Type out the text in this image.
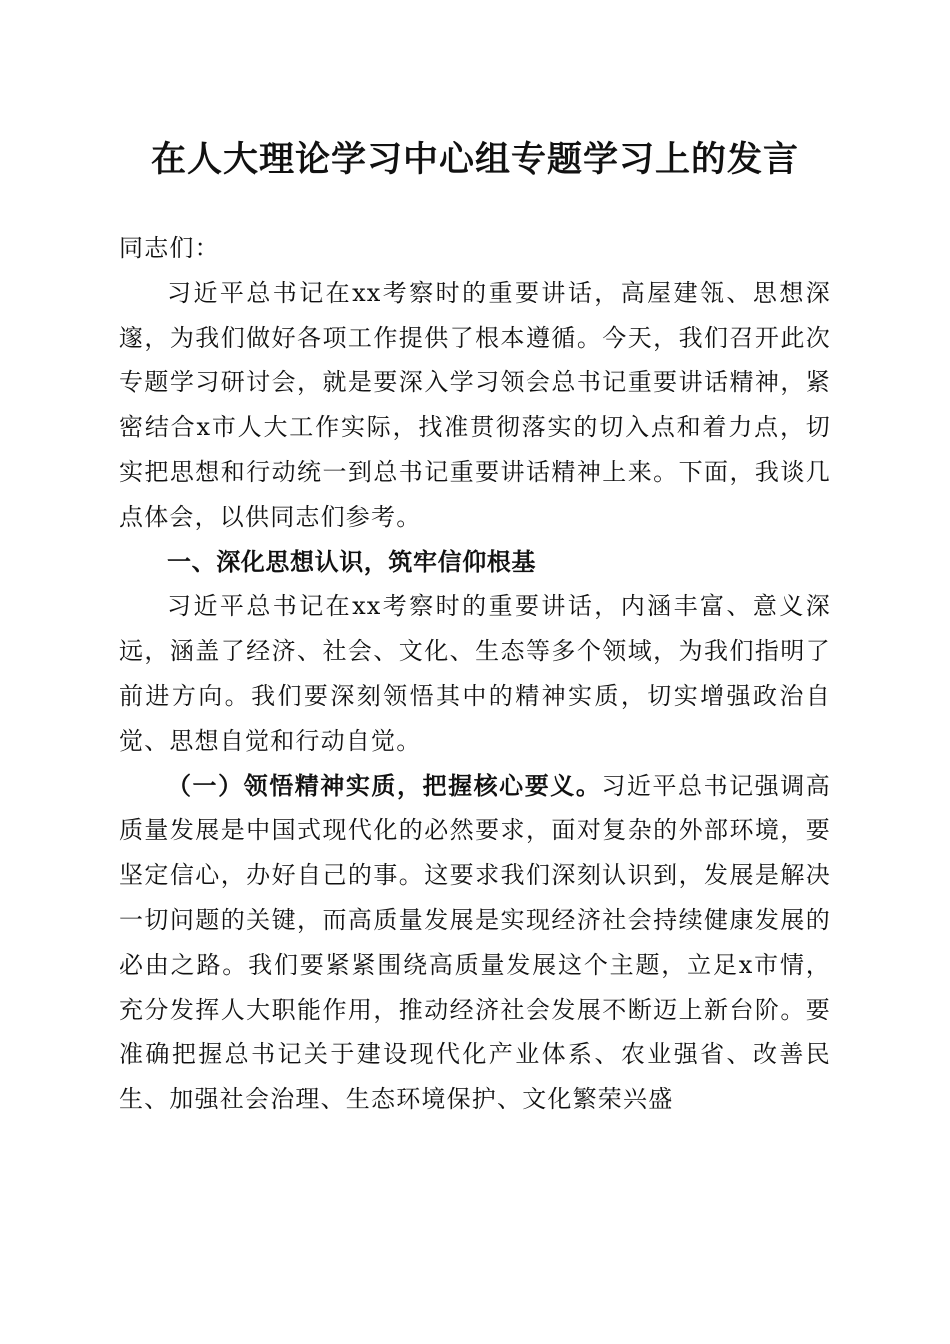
在人大理论学习中心组专题学习上的发言

同志们：

习近平总书记在xx考察时的重要讲话，高屋建瓴、思想深邃，为我们做好各项工作提供了根本遵循。今天，我们召开此次专题学习研讨会，就是要深入学习领会总书记重要讲话精神，紧密结合x市人大工作实际，找准贯彻落实的切入点和着力点，切实把思想和行动统一到总书记重要讲话精神上来。下面，我谈几点体会，以供同志们参考。

一、深化思想认识，筑牢信仰根基

习近平总书记在xx考察时的重要讲话，内涵丰富、意义深远，涵盖了经济、社会、文化、生态等多个领域，为我们指明了前进方向。我们要深刻领悟其中的精神实质，切实增强政治自觉、思想自觉和行动自觉。

（一）领悟精神实质，把握核心要义。习近平总书记强调高质量发展是中国式现代化的必然要求，面对复杂的外部环境，要坚定信心，办好自己的事。这要求我们深刻认识到，发展是解决一切问题的关键，而高质量发展是实现经济社会持续健康发展的必由之路。我们要紧紧围绕高质量发展这个主题，立足x市情，充分发挥人大职能作用，推动经济社会发展不断迈上新台阶。要准确把握总书记关于建设现代化产业体系、农业强省、改善民生、加强社会治理、生态环境保护、文化繁荣兴盛
